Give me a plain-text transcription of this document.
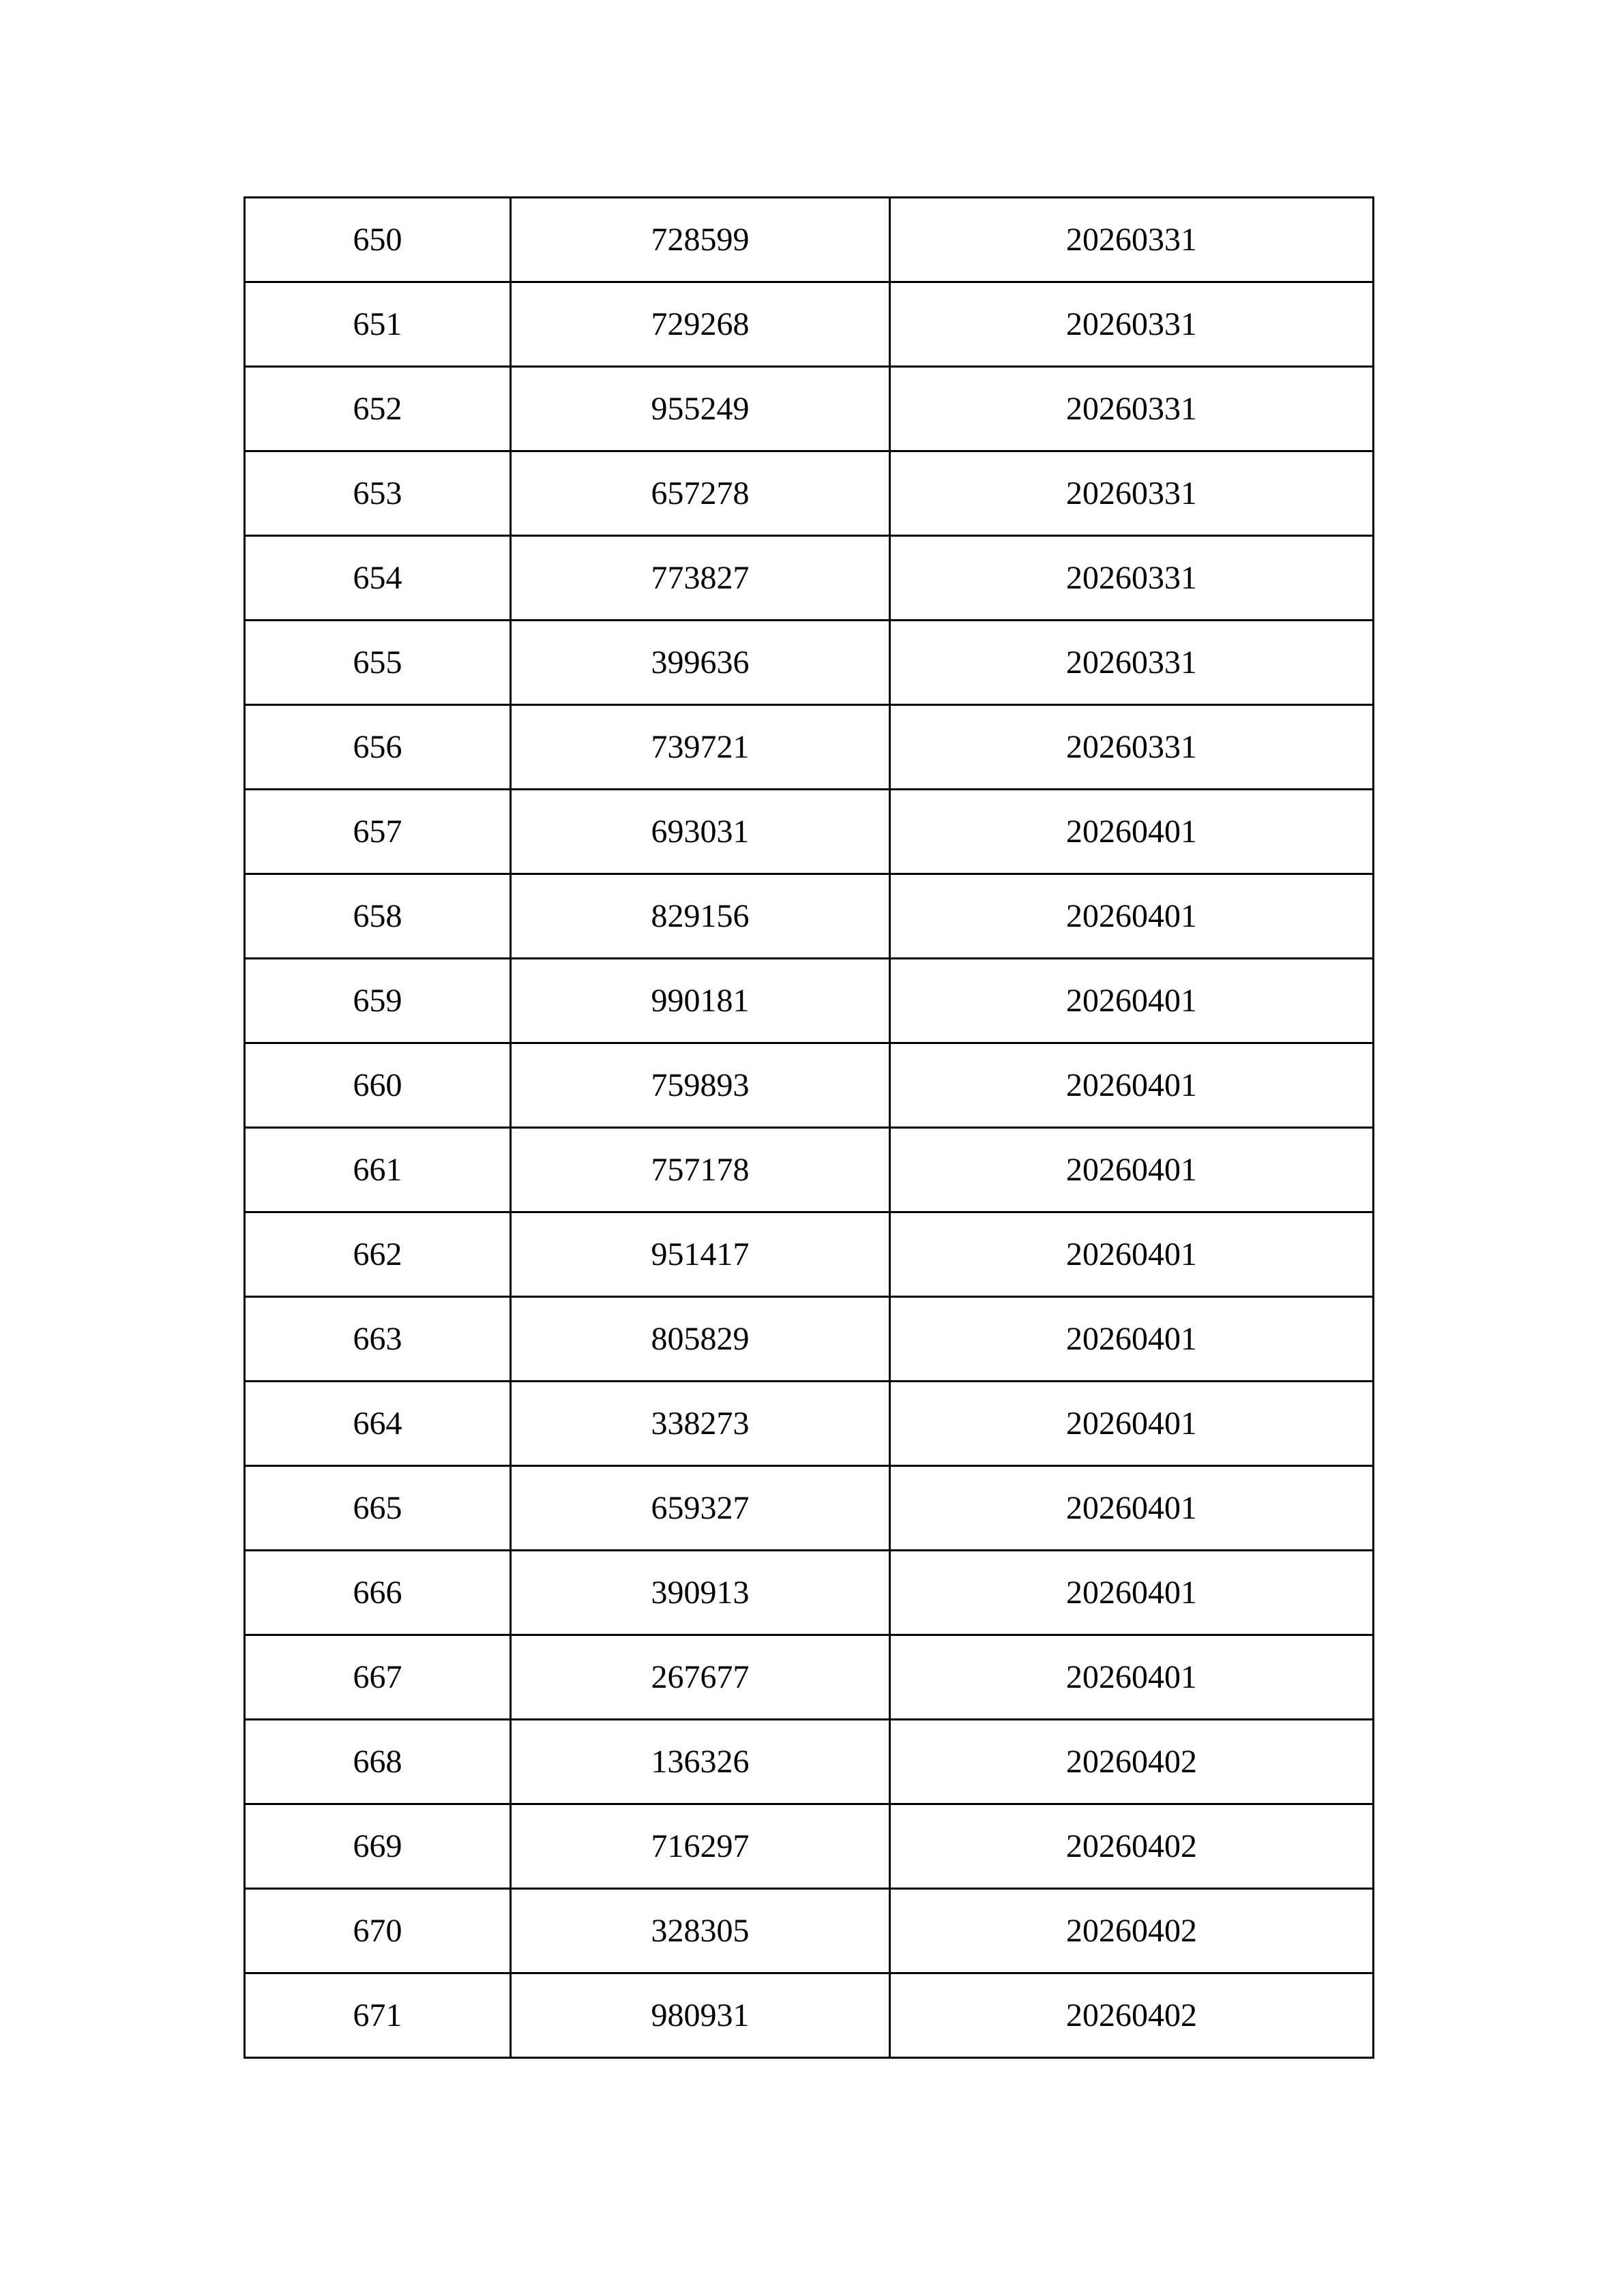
650	728599	20260331
651	729268	20260331
652	955249	20260331
653	657278	20260331
654	773827	20260331
655	399636	20260331
656	739721	20260331
657	693031	20260401
658	829156	20260401
659	990181	20260401
660	759893	20260401
661	757178	20260401
662	951417	20260401
663	805829	20260401
664	338273	20260401
665	659327	20260401
666	390913	20260401
667	267677	20260401
668	136326	20260402
669	716297	20260402
670	328305	20260402
671	980931	20260402
